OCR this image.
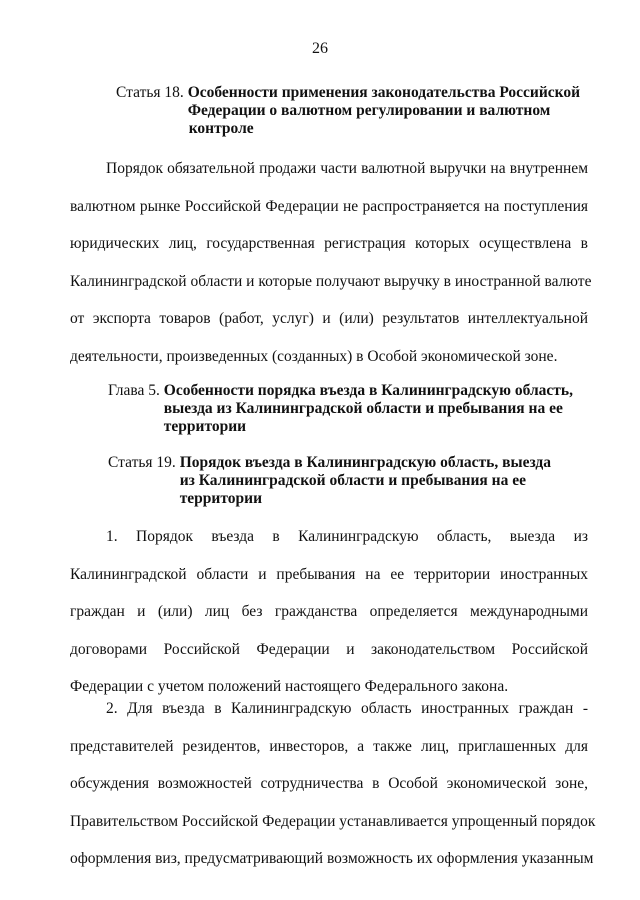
26
Статья 18. Особенности применения законодательства Российской
Федерации о валютном регулировании и валютном
контроле
Порядок обязательной продажи части валютной выручки на внутреннем
валютном рынке Российской Федерации не распространяется на поступления
юридических лиц, государственная регистрация которых осуществлена в
Калининградской области и которые получают выручку в иностранной валюте
от экспорта товаров (работ, услуг) и (или) результатов интеллектуальной
деятельности, произведенных (созданных) в Особой экономической зоне.
Глава 5. Особенности порядка въезда в Калининградскую область,
выезда из Калининградской области и пребывания на ее
территории
Статья 19. Порядок въезда в Калининградскую область, выезда
из Калининградской области и пребывания на ее
территории
1. Порядок въезда в Калининградскую область, выезда из
Калининградской области и пребывания на ее территории иностранных
граждан и (или) лиц без гражданства определяется международными
договорами Российской Федерации и законодательством Российской
Федерации с учетом положений настоящего Федерального закона.
2. Для въезда в Калининградскую область иностранных граждан -
представителей резидентов, инвесторов, а также лиц, приглашенных для
обсуждения возможностей сотрудничества в Особой экономической зоне,
Правительством Российской Федерации устанавливается упрощенный порядок
оформления виз, предусматривающий возможность их оформления указанным
